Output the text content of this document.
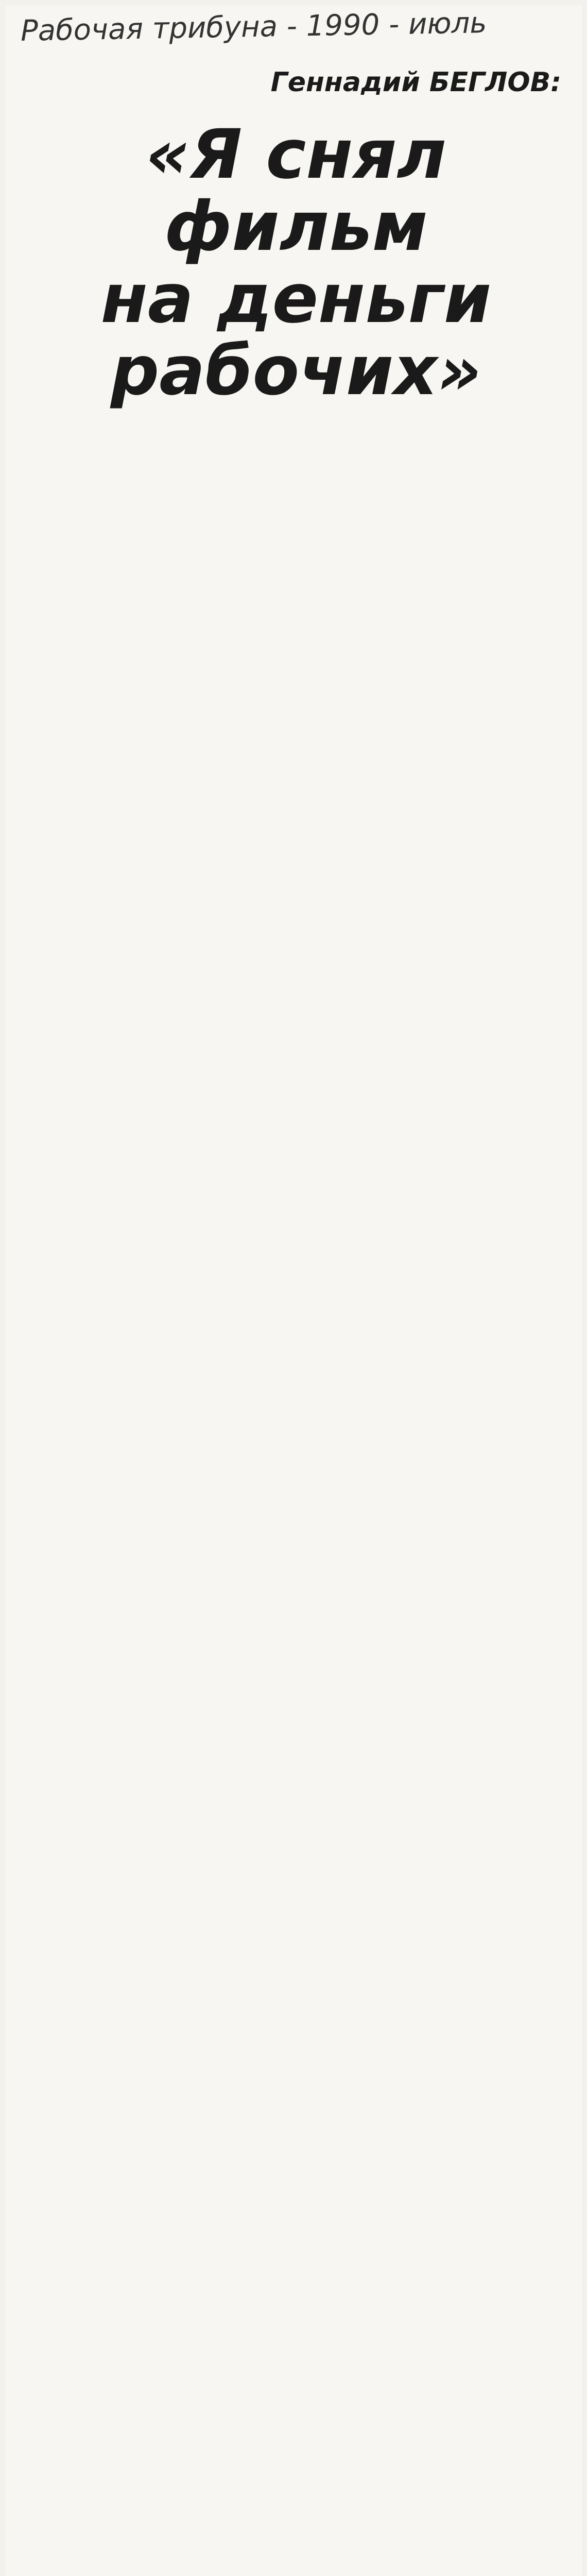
Рабочая трибуна - 1990 - июль
Геннадий БЕГЛОВ:
«Я снял фильм
на деньги
рабочих»
